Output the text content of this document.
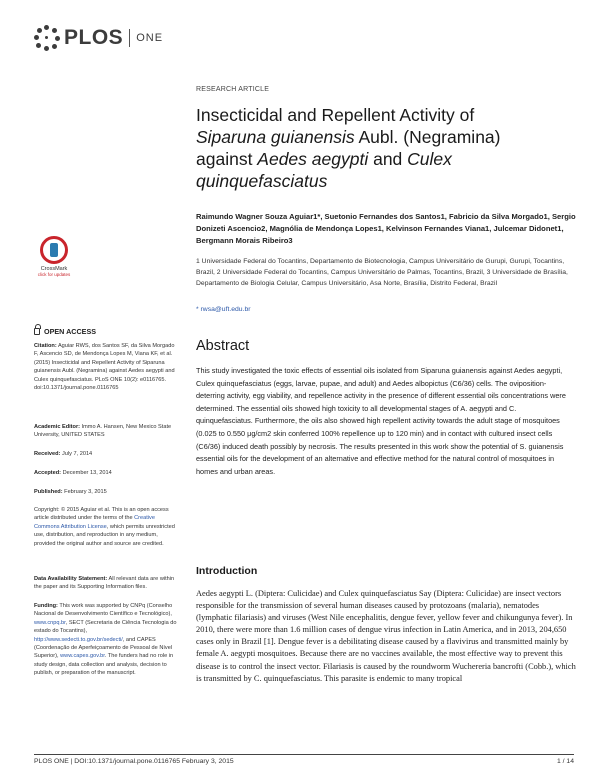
PLOS ONE
RESEARCH ARTICLE
Insecticidal and Repellent Activity of
Siparuna guianensis Aubl. (Negramina)
against Aedes aegypti and Culex
quinquefasciatus
Raimundo Wagner Souza Aguiar1*, Suetonio Fernandes dos Santos1, Fabricio da Silva Morgado1, Sergio Donizeti Ascencio2, Magnólia de Mendonça Lopes1, Kelvinson Fernandes Viana1, Julcemar Didonet1, Bergmann Morais Ribeiro3
1 Universidade Federal do Tocantins, Departamento de Biotecnologia, Campus Universitário de Gurupi, Gurupi, Tocantins, Brazil, 2 Universidade Federal do Tocantins, Campus Universitário de Palmas, Tocantins, Brazil, 3 Universidade de Brasília, Departamento de Biologia Celular, Campus Universitário, Asa Norte, Brasília, Distrito Federal, Brazil
* rwsa@uft.edu.br
CrossMark
click for updates
OPEN ACCESS
Citation: Aguiar RWS, dos Santos SF, da Silva Morgado F, Ascencio SD, de Mendonça Lopes M, Viana KF, et al. (2015) Insecticidal and Repellent Activity of Siparuna guianensis Aubl. (Negramina) against Aedes aegypti and Culex quinquefasciatus. PLoS ONE 10(2): e0116765. doi:10.1371/journal.pone.0116765
Academic Editor: Immo A. Hansen, New Mexico State University, UNITED STATES
Received: July 7, 2014
Accepted: December 13, 2014
Published: February 3, 2015
Copyright: © 2015 Aguiar et al. This is an open access article distributed under the terms of the Creative Commons Attribution License, which permits unrestricted use, distribution, and reproduction in any medium, provided the original author and source are credited.
Data Availability Statement: All relevant data are within the paper and its Supporting Information files.
Funding: This work was supported by CNPq (Conselho Nacional de Desenvolvimento Científico e Tecnológico), www.cnpq.br, SECT (Secretaria de Ciência Tecnologia do estado do Tocantins), http://www.sedecti.to.gov.br/sedecti/, and CAPES (Coordenação de Aperfeiçoamento de Pessoal de Nível Superior), www.capes.gov.br. The funders had no role in study design, data collection and analysis, decision to publish, or preparation of the manuscript.
Abstract
This study investigated the toxic effects of essential oils isolated from Siparuna guianensis against Aedes aegypti, Culex quinquefasciatus (eggs, larvae, pupae, and adult) and Aedes albopictus (C6/36) cells. The oviposition-deterring activity, egg viability, and repellence activity in the presence of different essential oils concentrations were determined. The essential oils showed high toxicity to all developmental stages of A. aegypti and C. quinquefasciatus. Furthermore, the oils also showed high repellent activity towards the adult stage of mosquitoes (0.025 to 0.550 μg/cm2 skin conferred 100% repellence up to 120 min) and in contact with cultured insect cells (C6/36) induced death possibly by necrosis. The results presented in this work show the potential of S. guianensis essential oils for the development of an alternative and effective method for the natural control of mosquitoes in homes and urban areas.
Introduction
Aedes aegypti L. (Diptera: Culicidae) and Culex quinquefasciatus Say (Diptera: Culicidae) are insect vectors responsible for the transmission of several human diseases caused by protozoans (malaria), nematodes (lymphatic filariasis) and viruses (West Nile encephalitis, dengue fever, yellow fever and chikungunya fever). In 2010, there were more than 1.6 million cases of dengue virus infection in Latin America, and in 2013, 204,650 cases only in Brazil [1]. Dengue fever is a debilitating disease caused by a flavivirus and transmitted mainly by female A. aegypti mosquitoes. Because there are no vaccines available, the most effective way to prevent this disease is to control the insect vector. Filariasis is caused by the roundworm Wuchereria bancrofti (Cobb.), which is transmitted by C. quinquefasciatus. This parasite is endemic to many tropical
PLOS ONE | DOI:10.1371/journal.pone.0116765 February 3, 2015	1 / 14
